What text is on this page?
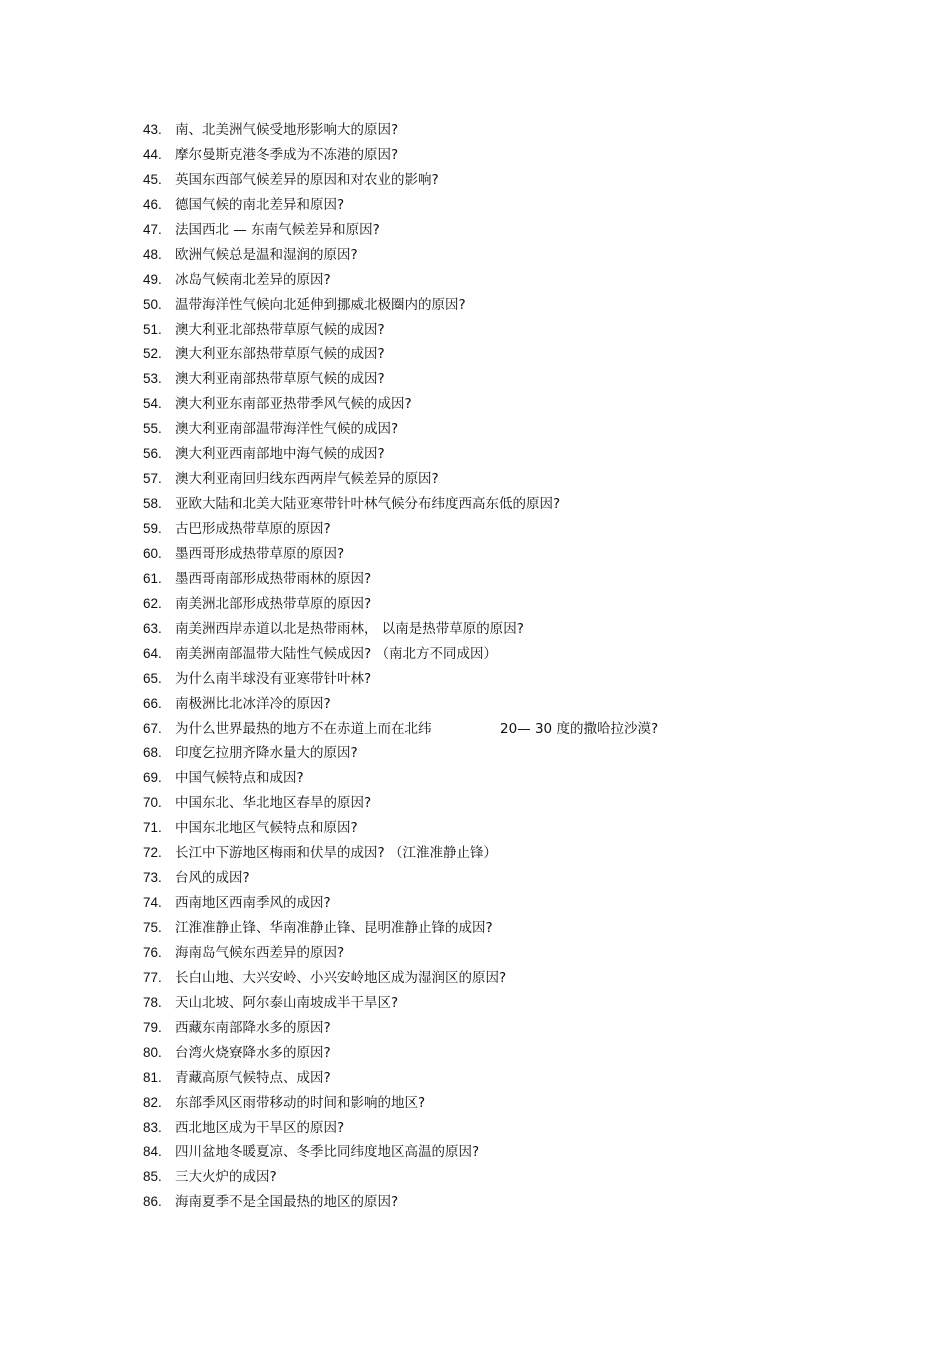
43. 南、北美洲气候受地形影响大的原因?
44. 摩尔曼斯克港冬季成为不冻港的原因?
45. 英国东西部气候差异的原因和对农业的影响?
46. 德国气候的南北差异和原因?
47. 法国西北 — 东南气候差异和原因?
48. 欧洲气候总是温和湿润的原因?
49. 冰岛气候南北差异的原因?
50. 温带海洋性气候向北延伸到挪威北极圈内的原因?
51. 澳大利亚北部热带草原气候的成因?
52. 澳大利亚东部热带草原气候的成因?
53. 澳大利亚南部热带草原气候的成因?
54. 澳大利亚东南部亚热带季风气候的成因?
55. 澳大利亚南部温带海洋性气候的成因?
56. 澳大利亚西南部地中海气候的成因?
57. 澳大利亚南回归线东西两岸气候差异的原因?
58. 亚欧大陆和北美大陆亚寒带针叶林气候分布纬度西高东低的原因?
59. 古巴形成热带草原的原因?
60. 墨西哥形成热带草原的原因?
61. 墨西哥南部形成热带雨林的原因?
62. 南美洲北部形成热带草原的原因?
63. 南美洲西岸赤道以北是热带雨林， 以南是热带草原的原因?
64. 南美洲南部温带大陆性气候成因? （南北方不同成因）
65. 为什么南半球没有亚寒带针叶林?
66. 南极洲比北冰洋冷的原因?
67. 为什么世界最热的地方不在赤道上而在北纬	20— 30 度的撒哈拉沙漠?
68. 印度乞拉朋齐降水量大的原因?
69. 中国气候特点和成因?
70. 中国东北、华北地区春旱的原因?
71. 中国东北地区气候特点和原因?
72. 长江中下游地区梅雨和伏旱的成因? （江淮准静止锋）
73. 台风的成因?
74. 西南地区西南季风的成因?
75. 江淮准静止锋、华南准静止锋、昆明准静止锋的成因?
76. 海南岛气候东西差异的原因?
77. 长白山地、大兴安岭、小兴安岭地区成为湿润区的原因?
78. 天山北坡、阿尔泰山南坡成半干旱区?
79. 西藏东南部降水多的原因?
80. 台湾火烧寮降水多的原因?
81. 青藏高原气候特点、成因?
82. 东部季风区雨带移动的时间和影响的地区?
83. 西北地区成为干旱区的原因?
84. 四川盆地冬暖夏凉、冬季比同纬度地区高温的原因?
85. 三大火炉的成因?
86. 海南夏季不是全国最热的地区的原因?
